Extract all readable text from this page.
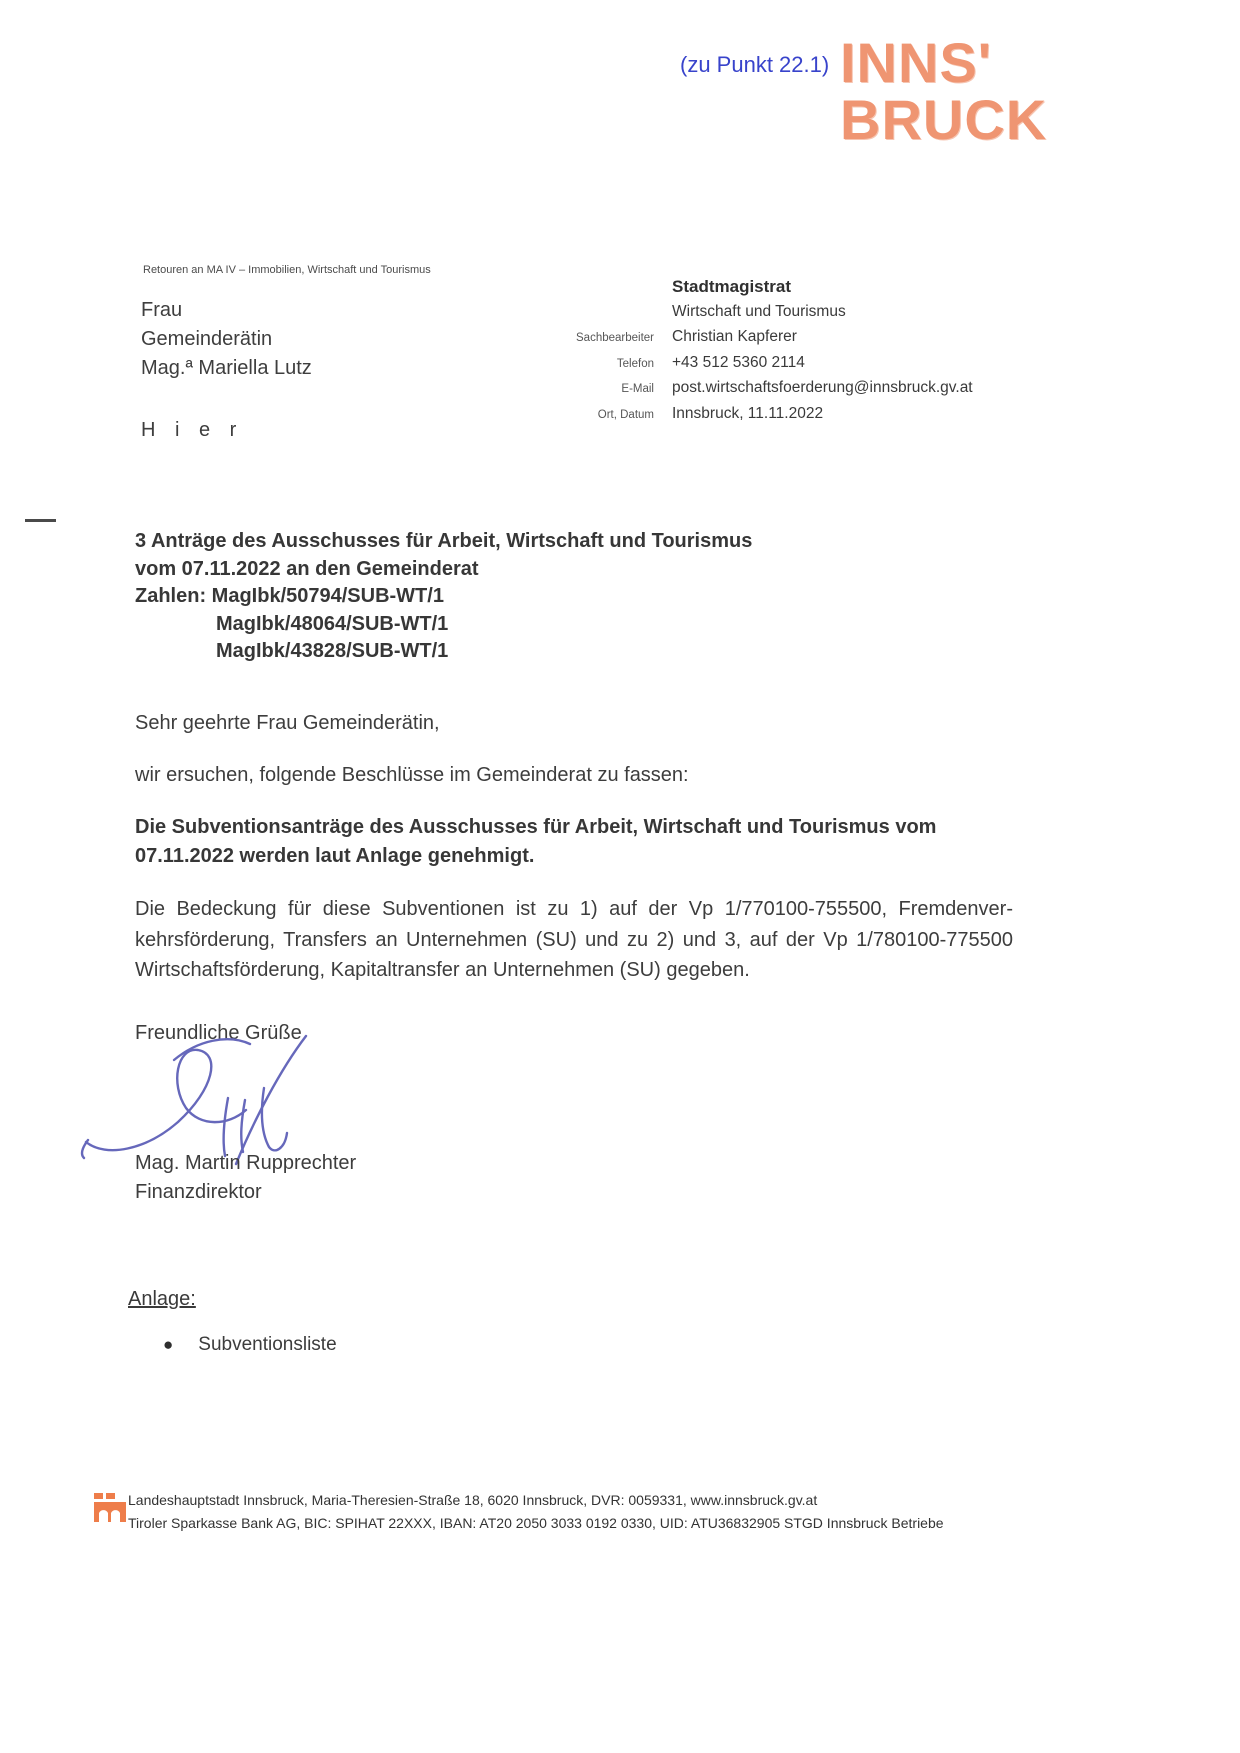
(zu Punkt 22.1) INNS'
BRUCK
Retouren an MA IV – Immobilien, Wirtschaft und Tourismus
Frau
Gemeinderätin
Mag.ª Mariella Lutz
H i e r
Stadtmagistrat
Wirtschaft und Tourismus
Sachbearbeiter	Christian Kapferer
Telefon	+43 512 5360 2114
E-Mail	post.wirtschaftsfoerderung@innsbruck.gv.at
Ort, Datum	Innsbruck, 11.11.2022
3 Anträge des Ausschusses für Arbeit, Wirtschaft und Tourismus
vom 07.11.2022 an den Gemeinderat
Zahlen: MagIbk/50794/SUB-WT/1
MagIbk/48064/SUB-WT/1
MagIbk/43828/SUB-WT/1
Sehr geehrte Frau Gemeinderätin,
wir ersuchen, folgende Beschlüsse im Gemeinderat zu fassen:
Die Subventionsanträge des Ausschusses für Arbeit, Wirtschaft und Tourismus vom
07.11.2022 werden laut Anlage genehmigt.
Die Bedeckung für diese Subventionen ist zu 1) auf der Vp 1/770100-755500, Fremdenver-
kehrsförderung, Transfers an Unternehmen (SU) und zu 2) und 3, auf der Vp 1/780100-775500
Wirtschaftsförderung, Kapitaltransfer an Unternehmen (SU) gegeben.
Freundliche Grüße
Mag. Martin Rupprechter
Finanzdirektor
Anlage:
● Subventionsliste
Landeshauptstadt Innsbruck, Maria-Theresien-Straße 18, 6020 Innsbruck, DVR: 0059331, www.innsbruck.gv.at
Tiroler Sparkasse Bank AG, BIC: SPIHAT 22XXX, IBAN: AT20 2050 3033 0192 0330, UID: ATU36832905 STGD Innsbruck Betriebe
